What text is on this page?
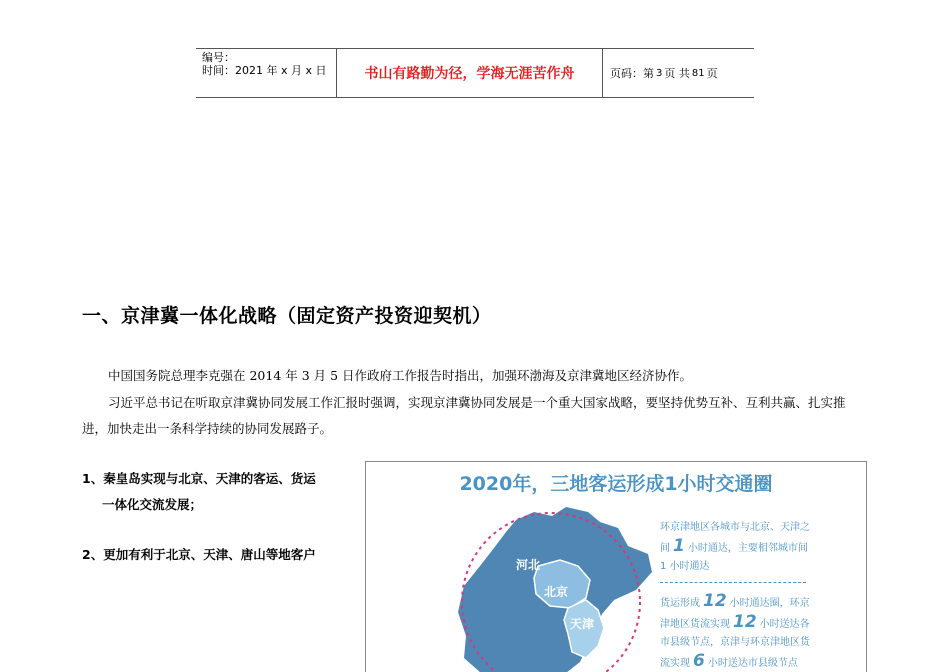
编号：
时间：2021 年 x 月 x 日	书山有路勤为径，学海无涯苦作舟	页码：第 3 页 共 81 页
一、京津冀一体化战略（固定资产投资迎契机）
中国国务院总理李克强在 2014 年 3 月 5 日作政府工作报告时指出，加强环渤海及京津冀地区经济协作。
习近平总书记在听取京津冀协同发展工作汇报时强调，实现京津冀协同发展是一个重大国家战略，要坚持优势互补、互利共赢、扎实推进，加快走出一条科学持续的协同发展路子。
1、秦皇岛实现与北京、天津的客运、货运
一体化交流发展；
2、更加有利于北京、天津、唐山等地客户
2020年，三地客运形成1小时交通圈
河北
北京
天津
环京津地区各城市与北京、天津之间 1 小时通达，主要相邻城市间 1 小时通达
货运形成 12 小时通达圈，环京津地区货流实现 12 小时送达各市县级节点，京津与环京津地区货流实现 6 小时送达市县级节点
